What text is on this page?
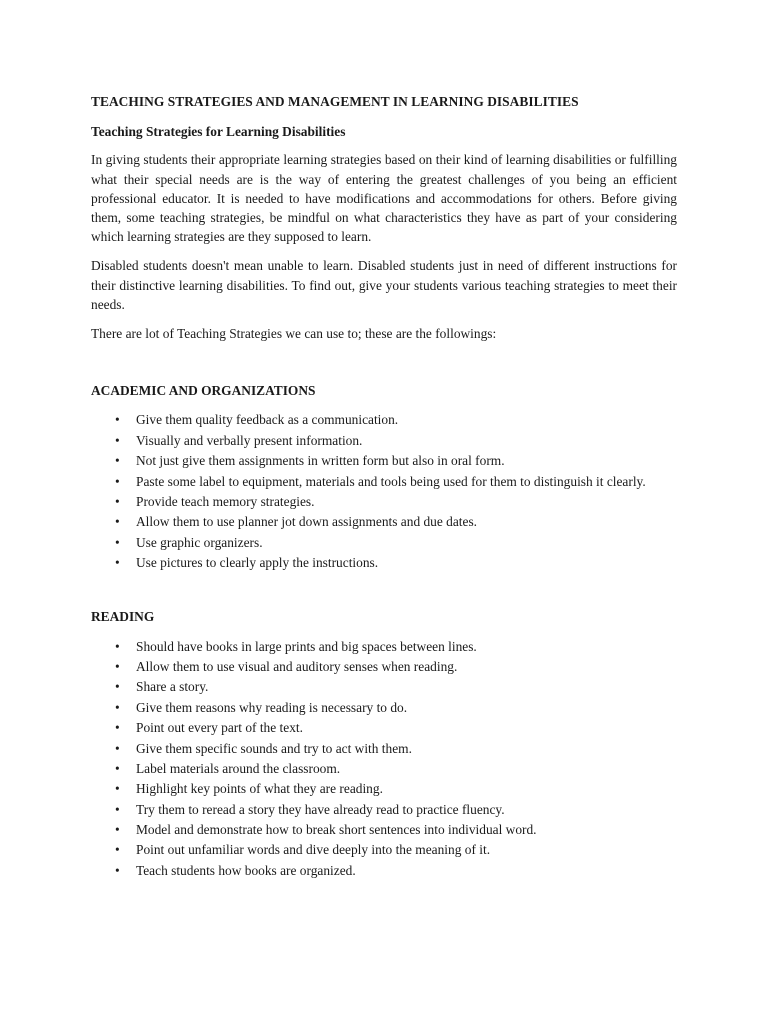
TEACHING STRATEGIES AND MANAGEMENT IN LEARNING DISABILITIES
Teaching Strategies for Learning Disabilities

In giving students their appropriate learning strategies based on their kind of learning disabilities or fulfilling what their special needs are is the way of entering the greatest challenges of you being an efficient professional educator. It is needed to have modifications and accommodations for others. Before giving them, some teaching strategies, be mindful on what characteristics they have as part of your considering which learning strategies are they supposed to learn.

Disabled students doesn't mean unable to learn. Disabled students just in need of different instructions for their distinctive learning disabilities. To find out, give your students various teaching strategies to meet their needs.

There are lot of Teaching Strategies we can use to; these are the followings:

ACADEMIC AND ORGANIZATIONS
• Give them quality feedback as a communication.
• Visually and verbally present information.
• Not just give them assignments in written form but also in oral form.
• Paste some label to equipment, materials and tools being used for them to distinguish it clearly.
• Provide teach memory strategies.
• Allow them to use planner jot down assignments and due dates.
• Use graphic organizers.
• Use pictures to clearly apply the instructions.
READING
• Should have books in large prints and big spaces between lines.
• Allow them to use visual and auditory senses when reading.
• Share a story.
• Give them reasons why reading is necessary to do.
• Point out every part of the text.
• Give them specific sounds and try to act with them.
• Label materials around the classroom.
• Highlight key points of what they are reading.
• Try them to reread a story they have already read to practice fluency.
• Model and demonstrate how to break short sentences into individual word.
• Point out unfamiliar words and dive deeply into the meaning of it.
• Teach students how books are organized.
